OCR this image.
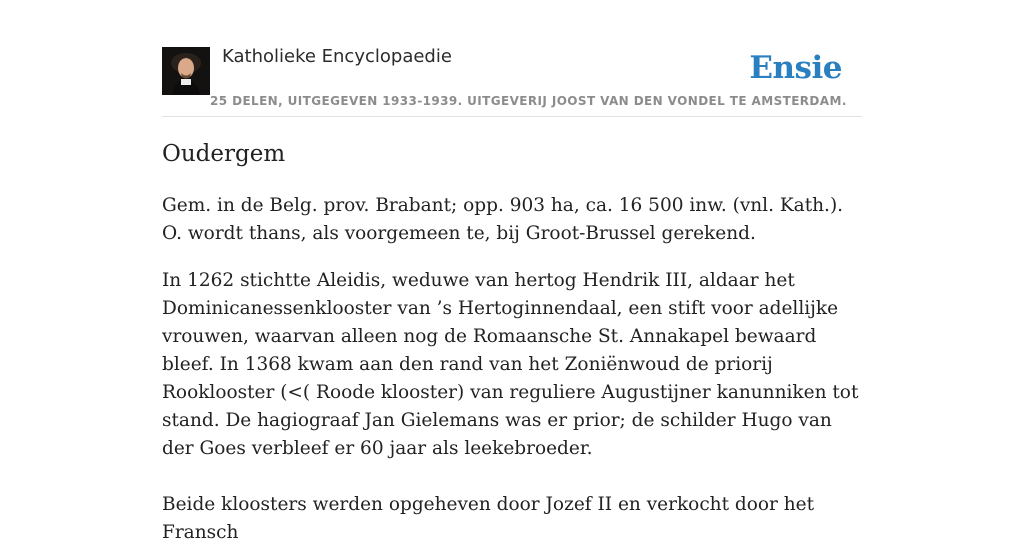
Katholieke Encyclopaedie
25 DELEN, UITGEGEVEN 1933-1939. UITGEVERIJ JOOST VAN DEN VONDEL TE AMSTERDAM.
Ensie
Oudergem

Gem. in de Belg. prov. Brabant; opp. 903 ha, ca. 16 500 inw. (vnl. Kath.). O. wordt thans, als voorgemeen te, bij Groot-Brussel gerekend.

In 1262 stichtte Aleidis, weduwe van hertog Hendrik III, aldaar het Dominicanessenklooster van ’s Hertoginnendaal, een stift voor adellijke vrouwen, waarvan alleen nog de Romaansche St. Annakapel bewaard bleef. In 1368 kwam aan den rand van het Zoniënwoud de priorij Rooklooster (<( Roode klooster) van reguliere Augustijner kanunniken tot stand. De hagiograaf Jan Gielemans was er prior; de schilder Hugo van der Goes verbleef er 60 jaar als leekebroeder.

Beide kloosters werden opgeheven door Jozef II en verkocht door het Fransch
